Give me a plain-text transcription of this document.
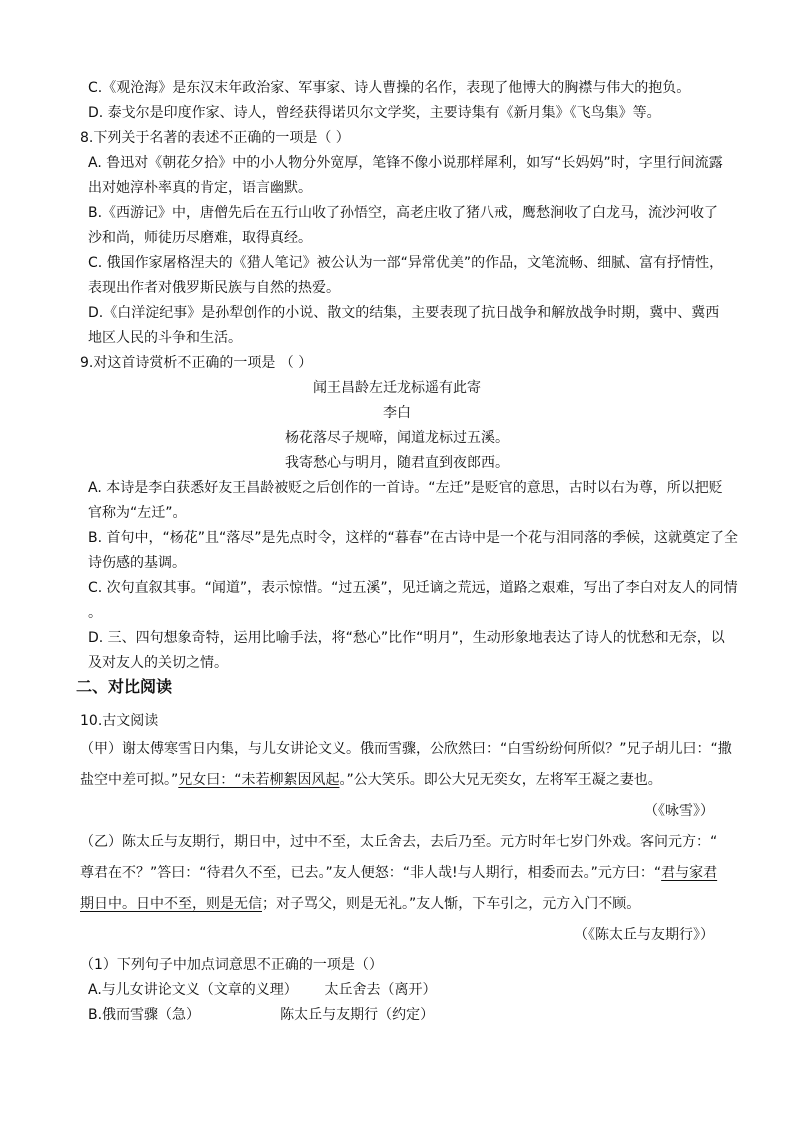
C.《观沧海》是东汉末年政治家、军事家、诗人曹操的名作，表现了他博大的胸襟与伟大的抱负。
D. 泰戈尔是印度作家、诗人，曾经获得诺贝尔文学奖，主要诗集有《新月集》《飞鸟集》等。
8.下列关于名著的表述不正确的一项是（ ）
A. 鲁迅对《朝花夕拾》中的小人物分外宽厚，笔锋不像小说那样犀利，如写“长妈妈”时，字里行间流露
出对她淳朴率真的肯定，语言幽默。
B.《西游记》中，唐僧先后在五行山收了孙悟空，高老庄收了猪八戒，鹰愁涧收了白龙马，流沙河收了
沙和尚，师徒历尽磨难，取得真经。
C. 俄国作家屠格涅夫的《猎人笔记》被公认为一部“异常优美”的作品，文笔流畅、细腻、富有抒情性，
表现出作者对俄罗斯民族与自然的热爱。
D.《白洋淀纪事》是孙犁创作的小说、散文的结集，主要表现了抗日战争和解放战争时期，冀中、冀西
地区人民的斗争和生活。
9.对这首诗赏析不正确的一项是 （ ）
闻王昌龄左迁龙标遥有此寄
李白
杨花落尽子规啼，闻道龙标过五溪。
我寄愁心与明月，随君直到夜郎西。
A. 本诗是李白获悉好友王昌龄被贬之后创作的一首诗。“左迁”是贬官的意思，古时以右为尊，所以把贬
官称为“左迁”。
B. 首句中，“杨花”且“落尽”是先点时令，这样的“暮春”在古诗中是一个花与泪同落的季候，这就奠定了全
诗伤感的基调。
C. 次句直叙其事。“闻道”，表示惊惜。“过五溪”，见迁谪之荒远，道路之艰难，写出了李白对友人的同情
。
D. 三、四句想象奇特，运用比喻手法，将“愁心”比作“明月”，生动形象地表达了诗人的忧愁和无奈，以
及对友人的关切之情。
二、对比阅读
10.古文阅读
（甲）谢太傅寒雪日内集，与儿女讲论文义。俄而雪骤，公欣然曰：“白雪纷纷何所似？”兄子胡儿曰：“撒
盐空中差可拟。”兄女曰：“未若柳絮因风起。”公大笑乐。即公大兄无奕女，左将军王凝之妻也。
（《咏雪》）
（乙）陈太丘与友期行，期日中，过中不至，太丘舍去，去后乃至。元方时年七岁门外戏。客问元方：“
尊君在不？”答曰：“待君久不至，已去。”友人便怒：“非人哉!与人期行，相委而去。”元方曰：“君与家君
期日中。日中不至，则是无信；对子骂父，则是无礼。”友人惭，下车引之，元方入门不顾。
（《陈太丘与友期行》）
（1）下列句子中加点词意思不正确的一项是（）
A.与儿女讲论文义（文章的义理）      太丘舍去（离开）
B.俄而雪骤（急）                  陈太丘与友期行（约定）
